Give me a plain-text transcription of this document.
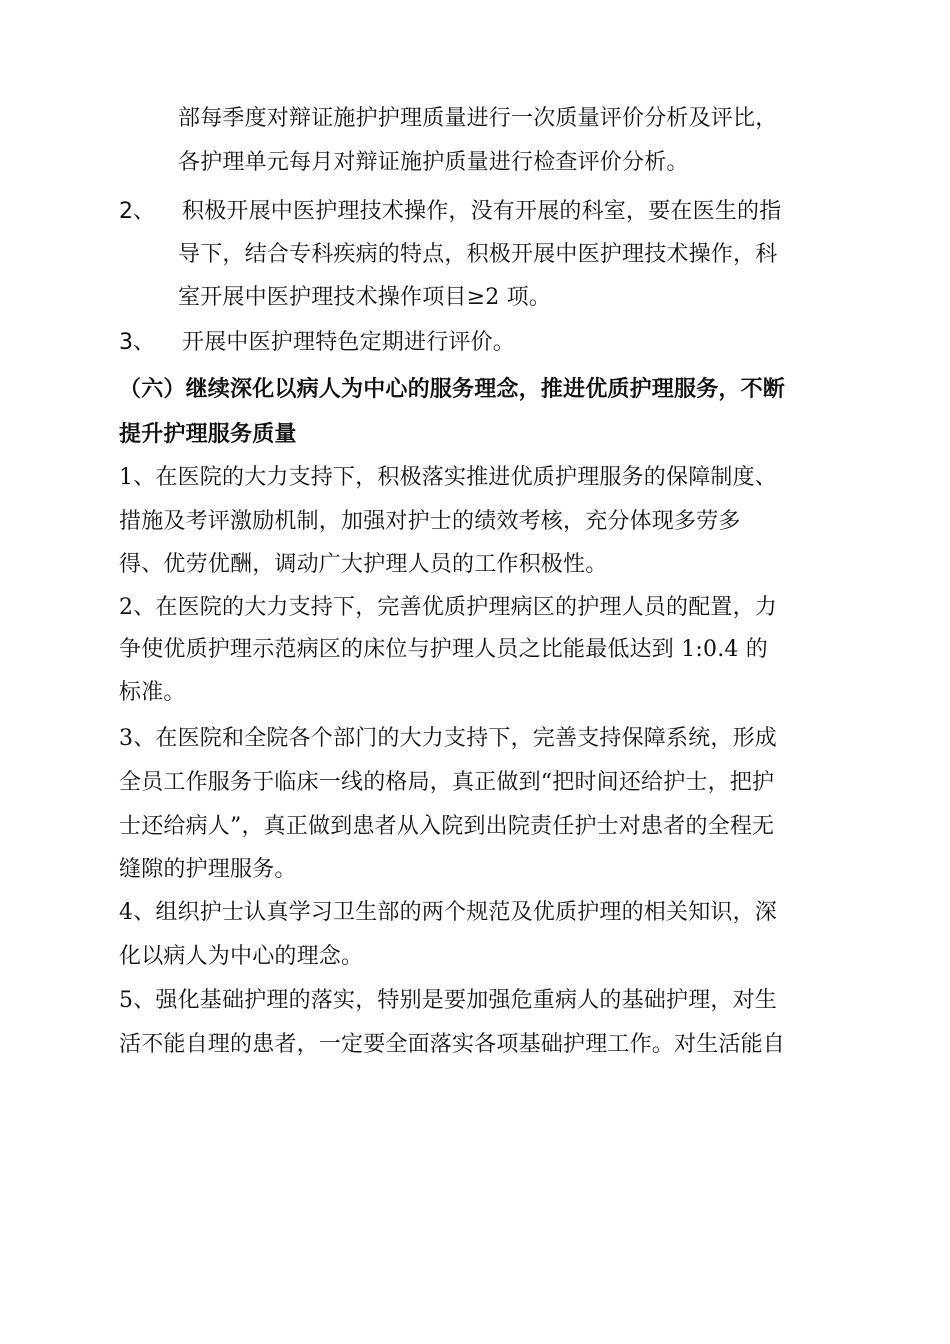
部每季度对辩证施护护理质量进行一次质量评价分析及评比，
各护理单元每月对辩证施护质量进行检查评价分析。
2、 积极开展中医护理技术操作，没有开展的科室，要在医生的指
导下，结合专科疾病的特点，积极开展中医护理技术操作，科
室开展中医护理技术操作项目≥2 项。
3、 开展中医护理特色定期进行评价。
（六）继续深化以病人为中心的服务理念，推进优质护理服务，不断
提升护理服务质量
1、在医院的大力支持下，积极落实推进优质护理服务的保障制度、
措施及考评激励机制，加强对护士的绩效考核，充分体现多劳多
得、优劳优酬，调动广大护理人员的工作积极性。
2、在医院的大力支持下，完善优质护理病区的护理人员的配置，力
争使优质护理示范病区的床位与护理人员之比能最低达到 1:0.4 的
标准。
3、在医院和全院各个部门的大力支持下，完善支持保障系统，形成
全员工作服务于临床一线的格局，真正做到“把时间还给护士，把护
士还给病人”，真正做到患者从入院到出院责任护士对患者的全程无
缝隙的护理服务。
4、组织护士认真学习卫生部的两个规范及优质护理的相关知识，深
化以病人为中心的理念。
5、强化基础护理的落实，特别是要加强危重病人的基础护理，对生
活不能自理的患者，一定要全面落实各项基础护理工作。对生活能自
